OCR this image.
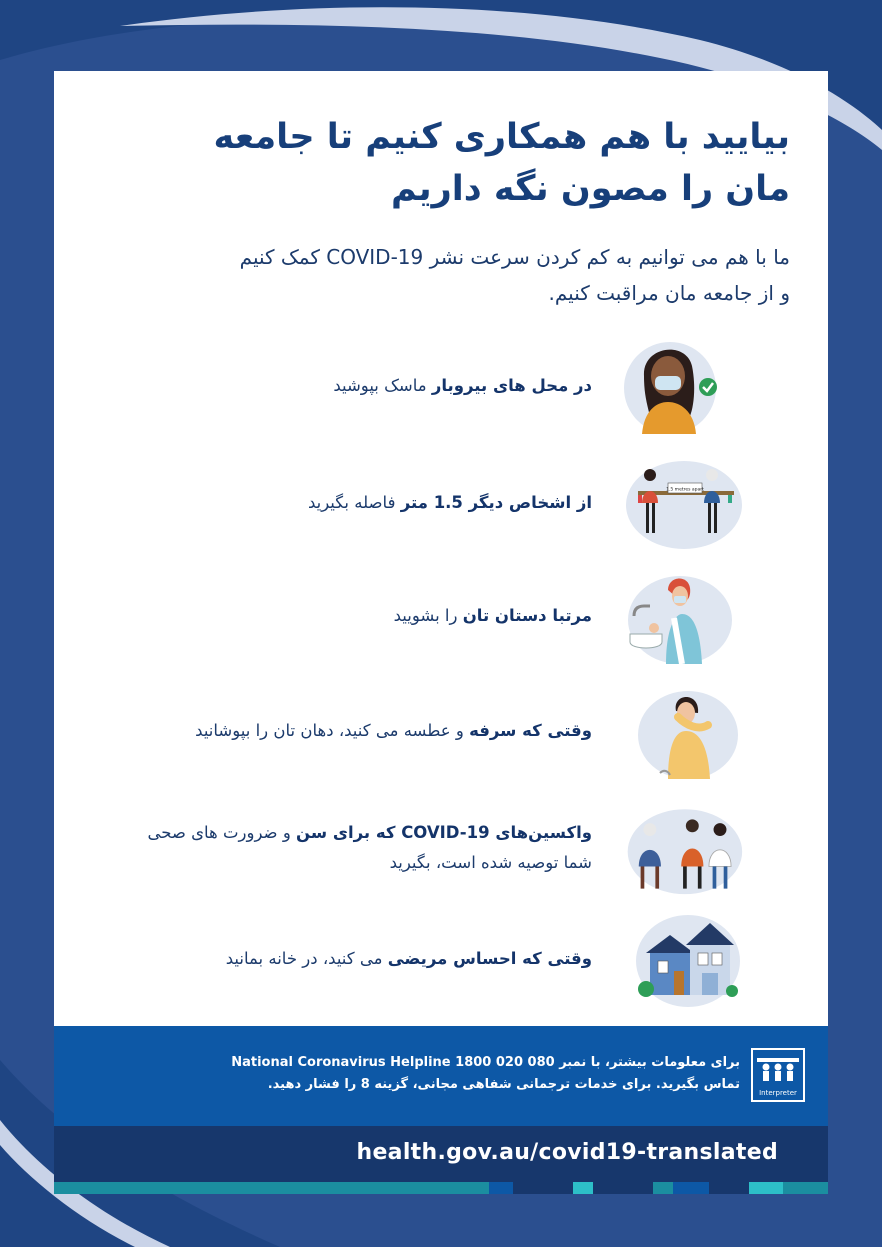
بیایید با هم همکاری کنیم تا جامعه
مان را مصون نگه داریم

ما با هم می توانیم به کم کردن سرعت نشر COVID-19 کمک کنیم
و از جامعه مان مراقبت کنیم.

در محل های بیروبار ماسک بپوشید
1.5 metres apart
از اشخاص دیگر 1.5 متر فاصله بگیرید
مرتبا دستان تان را بشویید
وقتی که سرفه و عطسه می کنید، دهان تان را بپوشانید
واکسین‌های COVID-19 که برای سن و ضرورت های صحی شما توصیه شده است، بگیرید
وقتی که احساس مریضی می کنید، در خانه بمانید
برای معلومات بیشتر، با نمبر 080 020 1800 National Coronavirus Helpline
تماس بگیرید. برای خدمات ترجمانی شفاهی مجانی، گزینه 8 را فشار دهید.
Interpreter
health.gov.au/covid19-translated
